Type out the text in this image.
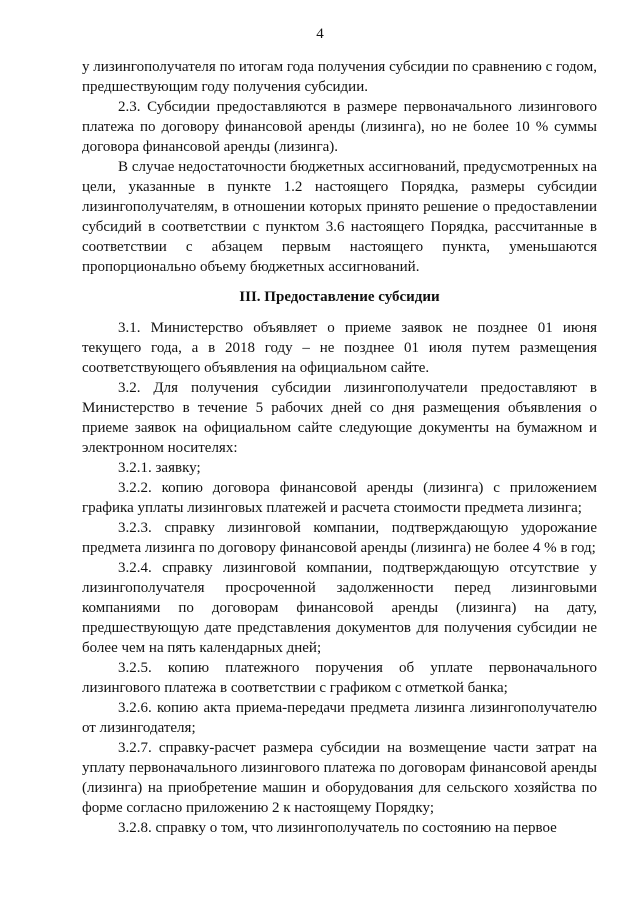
4

у лизингополучателя по итогам года получения субсидии по сравнению с годом, предшествующим году получения субсидии.

2.3. Субсидии предоставляются в размере первоначального лизингового платежа по договору финансовой аренды (лизинга), но не более 10 % суммы договора финансовой аренды (лизинга).

В случае недостаточности бюджетных ассигнований, предусмотренных на цели, указанные в пункте 1.2 настоящего Порядка, размеры субсидии лизингополучателям, в отношении которых принято решение о предоставлении субсидий в соответствии с пунктом 3.6 настоящего Порядка, рассчитанные в соответствии с абзацем первым настоящего пункта, уменьшаются пропорционально объему бюджетных ассигнований.

III. Предоставление субсидии

3.1. Министерство объявляет о приеме заявок не позднее 01 июня текущего года, а в 2018 году – не позднее 01 июля путем размещения соответствующего объявления на официальном сайте.

3.2. Для получения субсидии лизингополучатели предоставляют в Министерство в течение 5 рабочих дней со дня размещения объявления о приеме заявок на официальном сайте следующие документы на бумажном и электронном носителях:

3.2.1. заявку;

3.2.2. копию договора финансовой аренды (лизинга) с приложением графика уплаты лизинговых платежей и расчета стоимости предмета лизинга;

3.2.3. справку лизинговой компании, подтверждающую удорожание предмета лизинга по договору финансовой аренды (лизинга) не более 4 % в год;

3.2.4. справку лизинговой компании, подтверждающую отсутствие у лизингополучателя просроченной задолженности перед лизинговыми компаниями по договорам финансовой аренды (лизинга) на дату, предшествующую дате представления документов для получения субсидии не более чем на пять календарных дней;

3.2.5. копию платежного поручения об уплате первоначального лизингового платежа в соответствии с графиком с отметкой банка;

3.2.6. копию акта приема-передачи предмета лизинга лизингополучателю от лизингодателя;

3.2.7. справку-расчет размера субсидии на возмещение части затрат на уплату первоначального лизингового платежа по договорам финансовой аренды (лизинга) на приобретение машин и оборудования для сельского хозяйства по форме согласно приложению 2 к настоящему Порядку;

3.2.8. справку о том, что лизингополучатель по состоянию на первое
